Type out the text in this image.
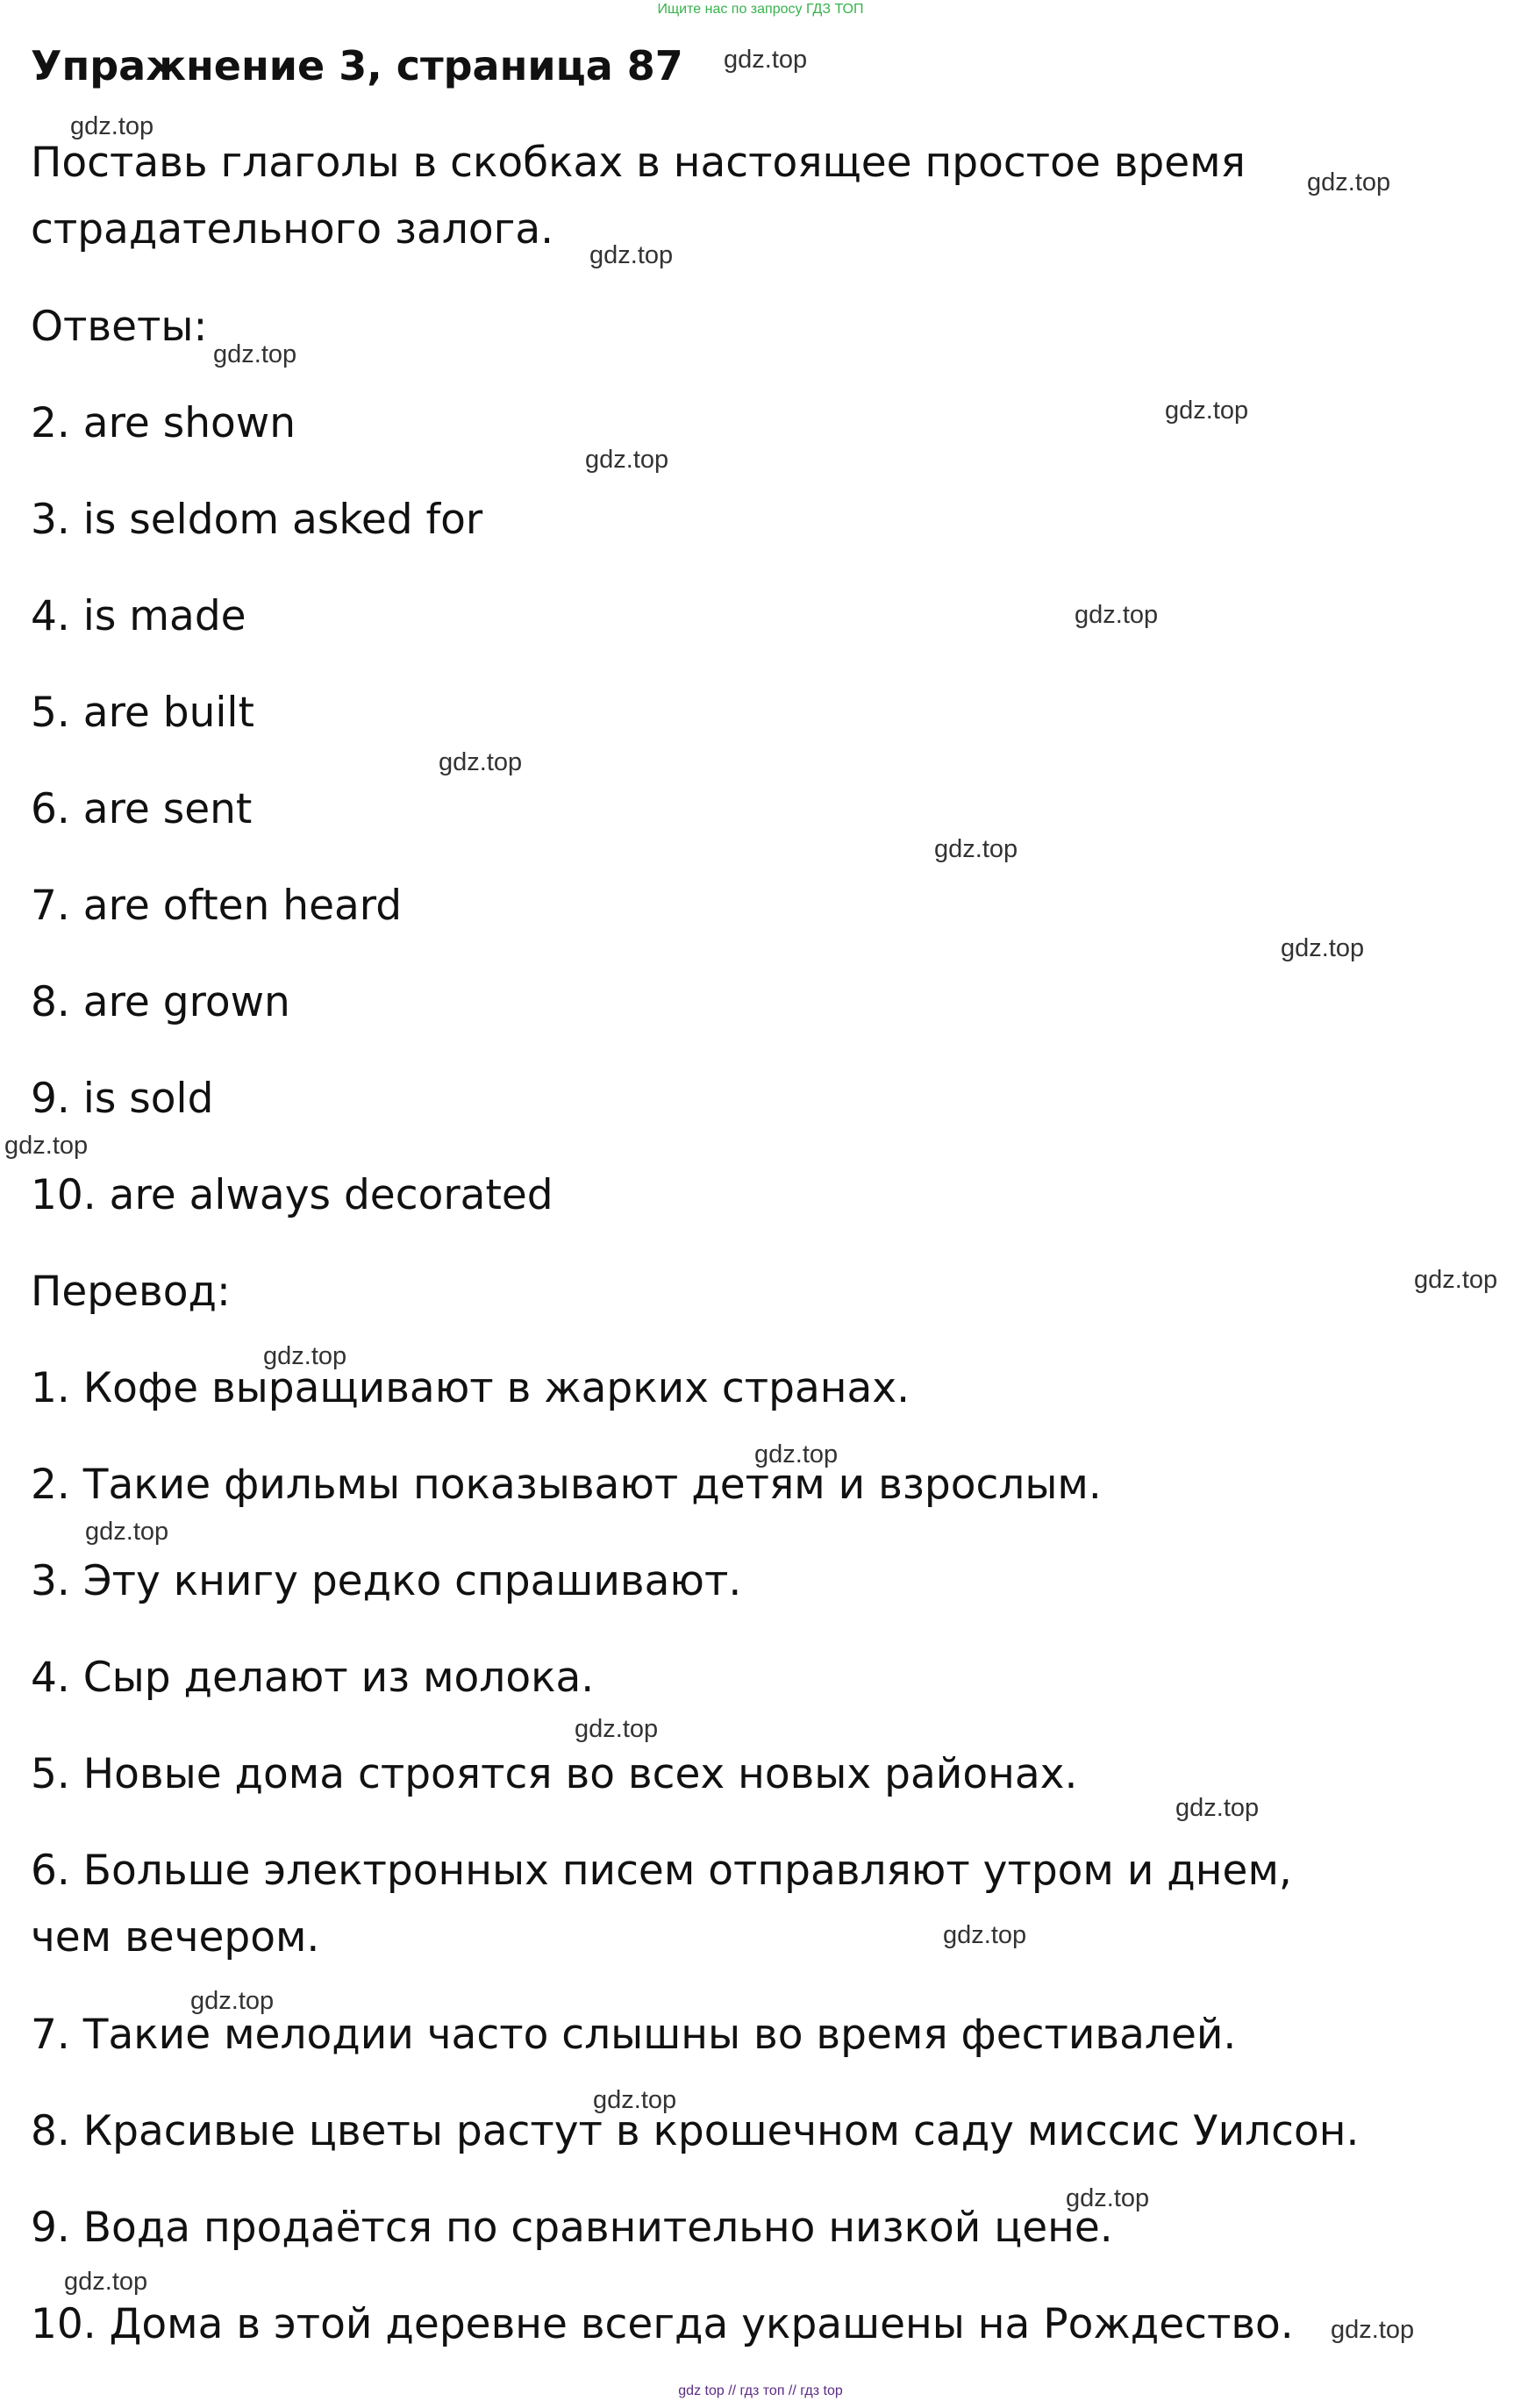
Ищите нас по запросу ГДЗ ТОП
Упражнение 3, страница 87

Поставь глаголы в скобках в настоящее простое время страдательного залога.

Ответы:

2. are shown

3. is seldom asked for

4. is made

5. are built

6. are sent

7. are often heard

8. are grown

9. is sold

10. are always decorated

Перевод:

1. Кофе выращивают в жарких странах.

2. Такие фильмы показывают детям и взрослым.

3. Эту книгу редко спрашивают.

4. Сыр делают из молока.

5. Новые дома строятся во всех новых районах.

6. Больше электронных писем отправляют утром и днем, чем вечером.

7. Такие мелодии часто слышны во время фестивалей.

8. Красивые цветы растут в крошечном саду миссис Уилсон.

9. Вода продаётся по сравнительно низкой цене.

10. Дома в этой деревне всегда украшены на Рождество.

gdz.top
gdz.top
gdz.top
gdz.top
gdz.top
gdz.top
gdz.top
gdz.top
gdz.top
gdz.top
gdz.top
gdz.top
gdz.top
gdz.top
gdz.top
gdz.top
gdz.top
gdz.top
gdz.top
gdz.top
gdz.top
gdz.top
gdz.top
gdz.top
gdz top // гдз топ // гдз top
